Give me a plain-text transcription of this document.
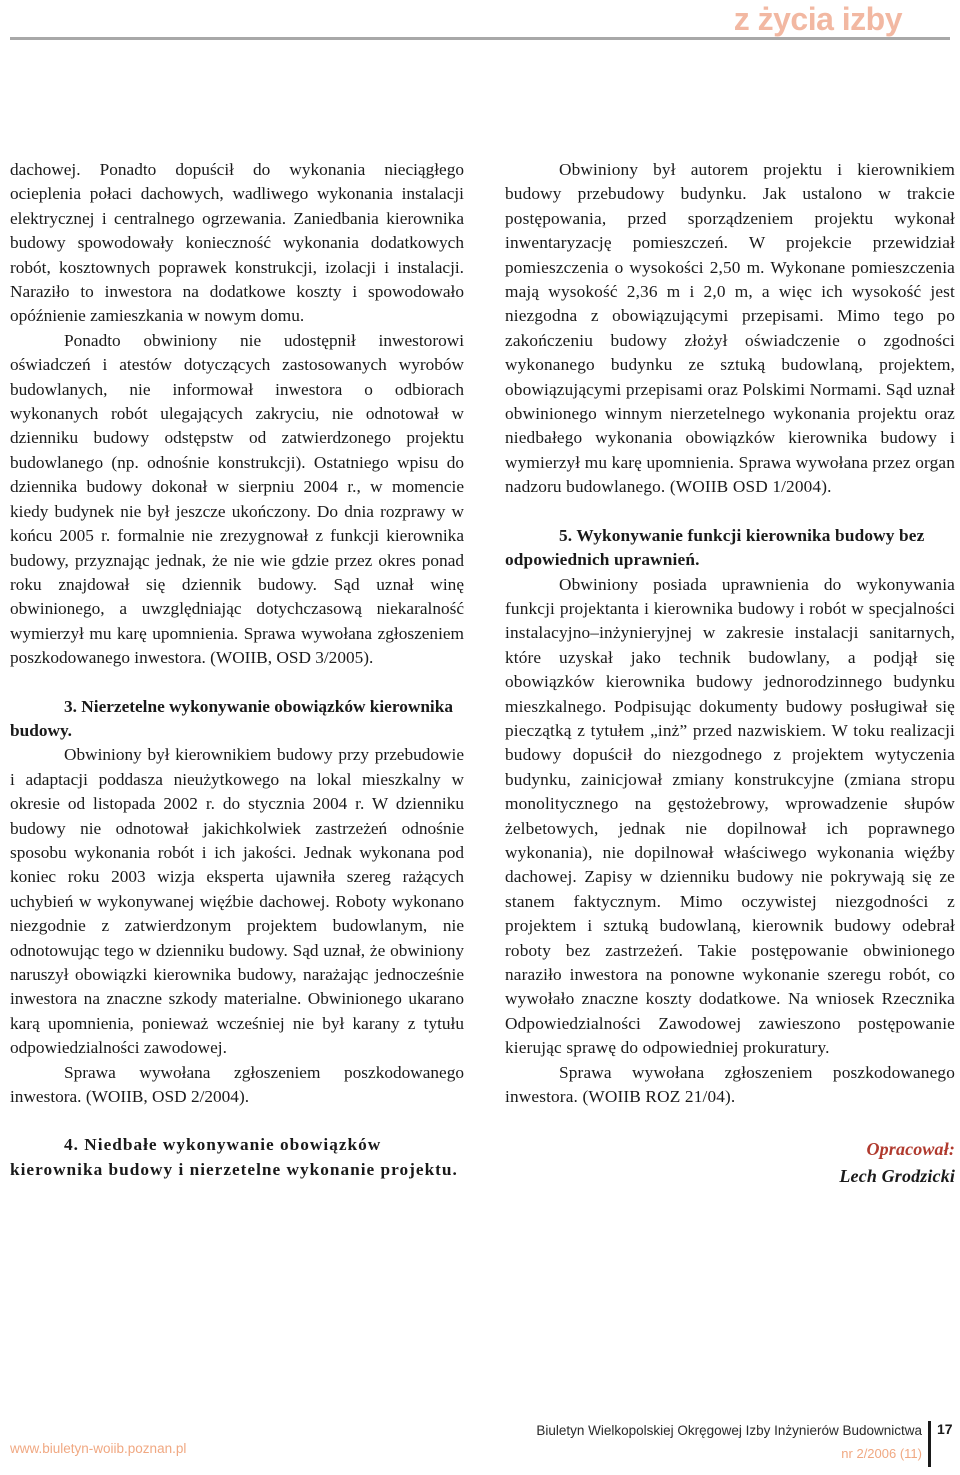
z życia izby

dachowej. Ponadto dopuścił do wykonania nieciągłego ocieplenia połaci dachowych, wadliwego wykonania instalacji elektrycznej i centralnego ogrzewania. Zaniedbania kierownika budowy spowodowały konieczność wykonania dodatkowych robót, kosztownych poprawek konstrukcji, izolacji i instalacji. Naraziło to inwestora na dodatkowe koszty i spowodowało opóźnienie zamieszkania w nowym domu.

Ponadto obwiniony nie udostępnił inwestorowi oświadczeń i atestów dotyczących zastosowanych wyrobów budowlanych, nie informował inwestora o odbiorach wykonanych robót ulegających zakryciu, nie odnotował w dzienniku budowy odstępstw od zatwierdzonego projektu budowlanego (np. odnośnie konstrukcji). Ostatniego wpisu do dziennika budowy dokonał w sierpniu 2004 r., w momencie kiedy budynek nie był jeszcze ukończony. Do dnia rozprawy w końcu 2005 r. formalnie nie zrezygnował z funkcji kierownika budowy, przyznając jednak, że nie wie gdzie przez okres ponad roku znajdował się dziennik budowy. Sąd uznał winę obwinionego, a uwzględniając dotychczasową niekaralność wymierzył mu karę upomnienia. Sprawa wywołana zgłoszeniem poszkodowanego inwestora. (WOIIB, OSD 3/2005).

3. Nierzetelne wykonywanie obowiązków kierownika budowy.

Obwiniony był kierownikiem budowy przy przebudowie i adaptacji poddasza nieużytkowego na lokal mieszkalny w okresie od listopada 2002 r. do stycznia 2004 r. W dzienniku budowy nie odnotował jakichkolwiek zastrzeżeń odnośnie sposobu wykonania robót i ich jakości. Jednak wykonana pod koniec roku 2003 wizja eksperta ujawniła szereg rażących uchybień w wykonywanej więźbie dachowej. Roboty wykonano niezgodnie z zatwierdzonym projektem budowlanym, nie odnotowując tego w dzienniku budowy. Sąd uznał, że obwiniony naruszył obowiązki kierownika budowy, narażając jednocześnie inwestora na znaczne szkody materialne. Obwinionego ukarano karą upomnienia, ponieważ wcześniej nie był karany z tytułu odpowiedzialności zawodowej.

Sprawa wywołana zgłoszeniem poszkodowanego inwestora. (WOIIB, OSD 2/2004).

4. Niedbałe wykonywanie obowiązków kierownika budowy i nierzetelne wykonanie projektu.

Obwiniony był autorem projektu i kierownikiem budowy przebudowy budynku. Jak ustalono w trakcie postępowania, przed sporządzeniem projektu wykonał inwentaryzację pomieszczeń. W projekcie przewidział pomieszczenia o wysokości 2,50 m. Wykonane pomieszczenia mają wysokość 2,36 m i 2,0 m, a więc ich wysokość jest niezgodna z obowiązującymi przepisami. Mimo tego po zakończeniu budowy złożył oświadczenie o zgodności wykonanego budynku ze sztuką budowlaną, projektem, obowiązującymi przepisami oraz Polskimi Normami. Sąd uznał obwinionego winnym nierzetelnego wykonania projektu oraz niedbałego wykonania obowiązków kierownika budowy i wymierzył mu karę upomnienia. Sprawa wywołana przez organ nadzoru budowlanego. (WOIIB OSD 1/2004).

5. Wykonywanie funkcji kierownika budowy bez odpowiednich uprawnień.

Obwiniony posiada uprawnienia do wykonywania funkcji projektanta i kierownika budowy i robót w specjalności instalacyjno–inżynieryjnej w zakresie instalacji sanitarnych, które uzyskał jako technik budowlany, a podjął się obowiązków kierownika budowy jednorodzinnego budynku mieszkalnego. Podpisując dokumenty budowy posługiwał się pieczątką z tytułem „inż” przed nazwiskiem. W toku realizacji budowy dopuścił do niezgodnego z projektem wytyczenia budynku, zainicjował zmiany konstrukcyjne (zmiana stropu monolitycznego na gęstożebrowy, wprowadzenie słupów żelbetowych, jednak nie dopilnował ich poprawnego wykonania), nie dopilnował właściwego wykonania więźby dachowej. Zapisy w dzienniku budowy nie pokrywają się ze stanem faktycznym. Mimo oczywistej niezgodności z projektem i sztuką budowlaną, kierownik budowy odebrał roboty bez zastrzeżeń. Takie postępowanie obwinionego naraziło inwestora na ponowne wykonanie szeregu robót, co wywołało znaczne koszty dodatkowe. Na wniosek Rzecznika Odpowiedzialności Zawodowej zawieszono postępowanie kierując sprawę do odpowiedniej prokuratury.

Sprawa wywołana zgłoszeniem poszkodowanego inwestora. (WOIIB ROZ 21/04).

Opracował:
Lech Grodzicki
www.biuletyn-woiib.poznan.pl
Biuletyn Wielkopolskiej Okręgowej Izby Inżynierów Budownictwa
nr 2/2006 (11)
17
